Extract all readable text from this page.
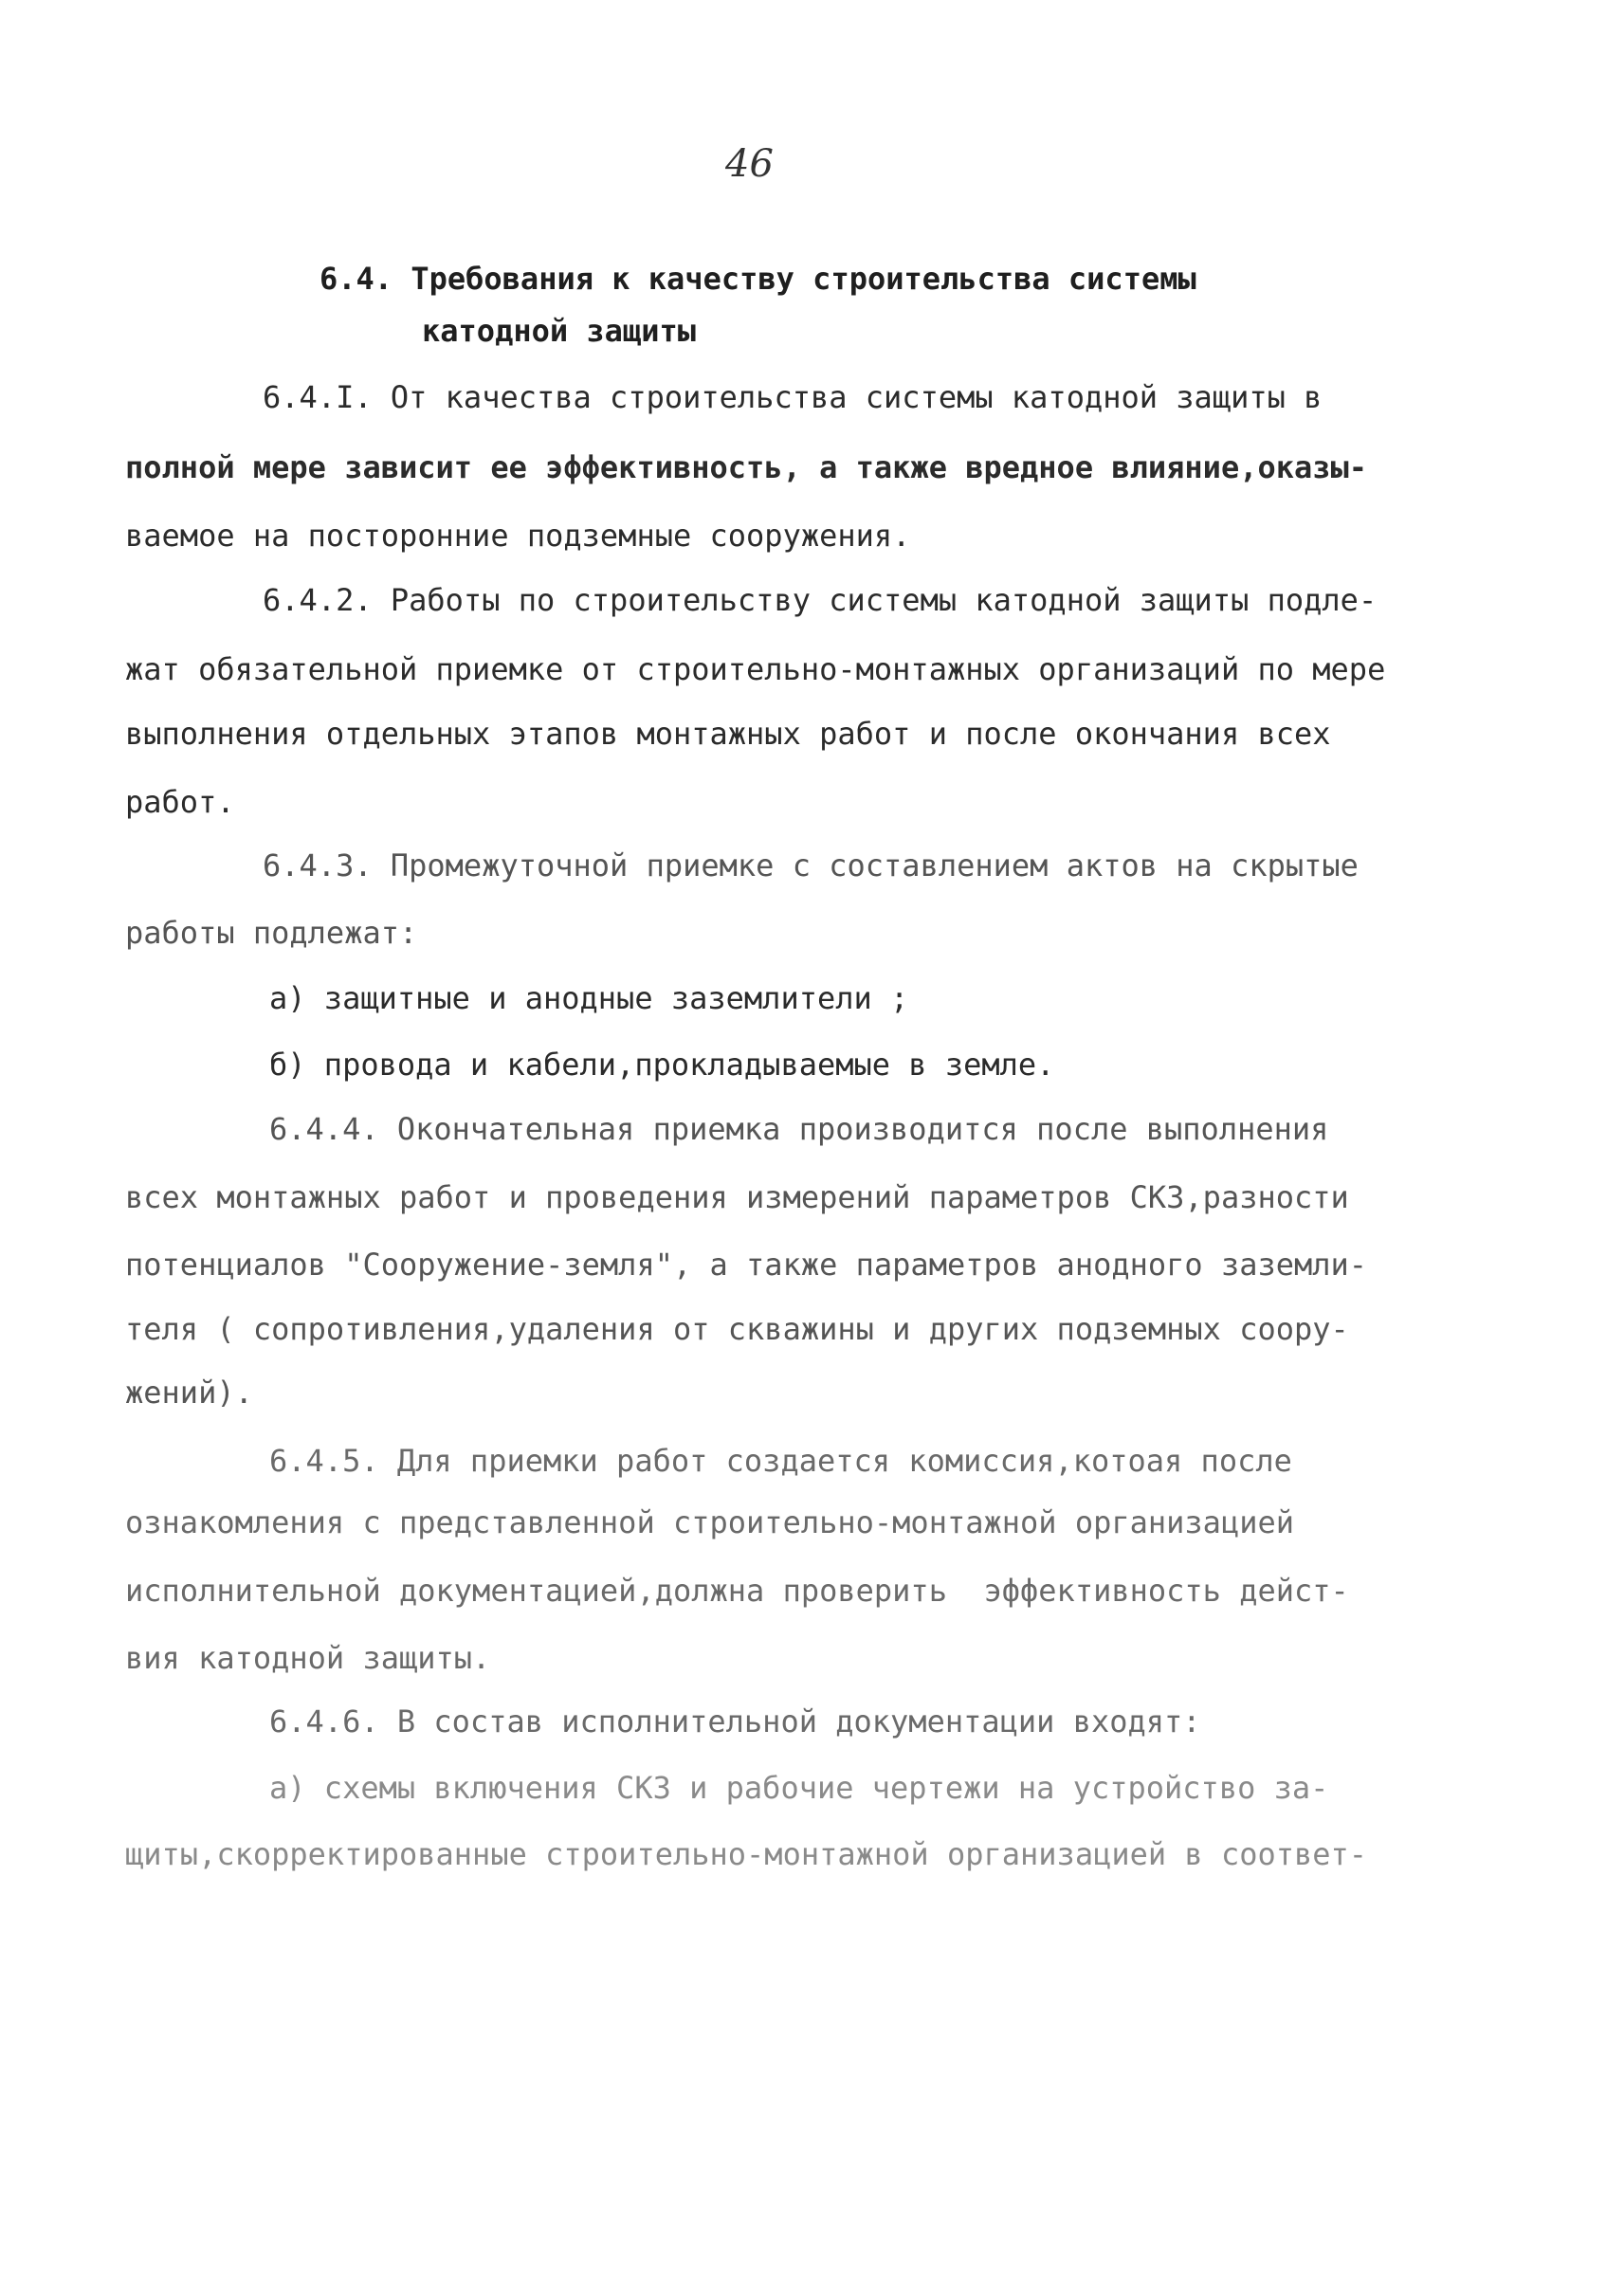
46
6.4. Требования к качеству строительства системы
катодной защиты
6.4.I. От качества строительства системы катодной защиты в
полной мере зависит ее эффективность, а также вредное влияние,оказы-
ваемое на посторонние подземные сооружения.
6.4.2. Работы по строительству системы катодной защиты подле-
жат обязательной приемке от строительно-монтажных организаций по мере
выполнения отдельных этапов монтажных работ и после окончания всех
работ.
6.4.3. Промежуточной приемке с составлением актов на скрытые
работы подлежат:
а) защитные и анодные заземлители ;
б) провода и кабели,прокладываемые в земле.
6.4.4. Окончательная приемка производится после выполнения
всех монтажных работ и проведения измерений параметров СКЗ,разности
потенциалов "Сооружение-земля", а также параметров анодного заземли-
теля ( сопротивления,удаления от скважины и других подземных соору-
жений).
6.4.5. Для приемки работ создается комиссия,котоая после
ознакомления с представленной строительно-монтажной организацией
исполнительной документацией,должна проверить  эффективность дейст-
вия катодной защиты.
6.4.6. В состав исполнительной документации входят:
а) схемы включения СКЗ и рабочие чертежи на устройство за-
щиты,скорректированные строительно-монтажной организацией в соответ-
